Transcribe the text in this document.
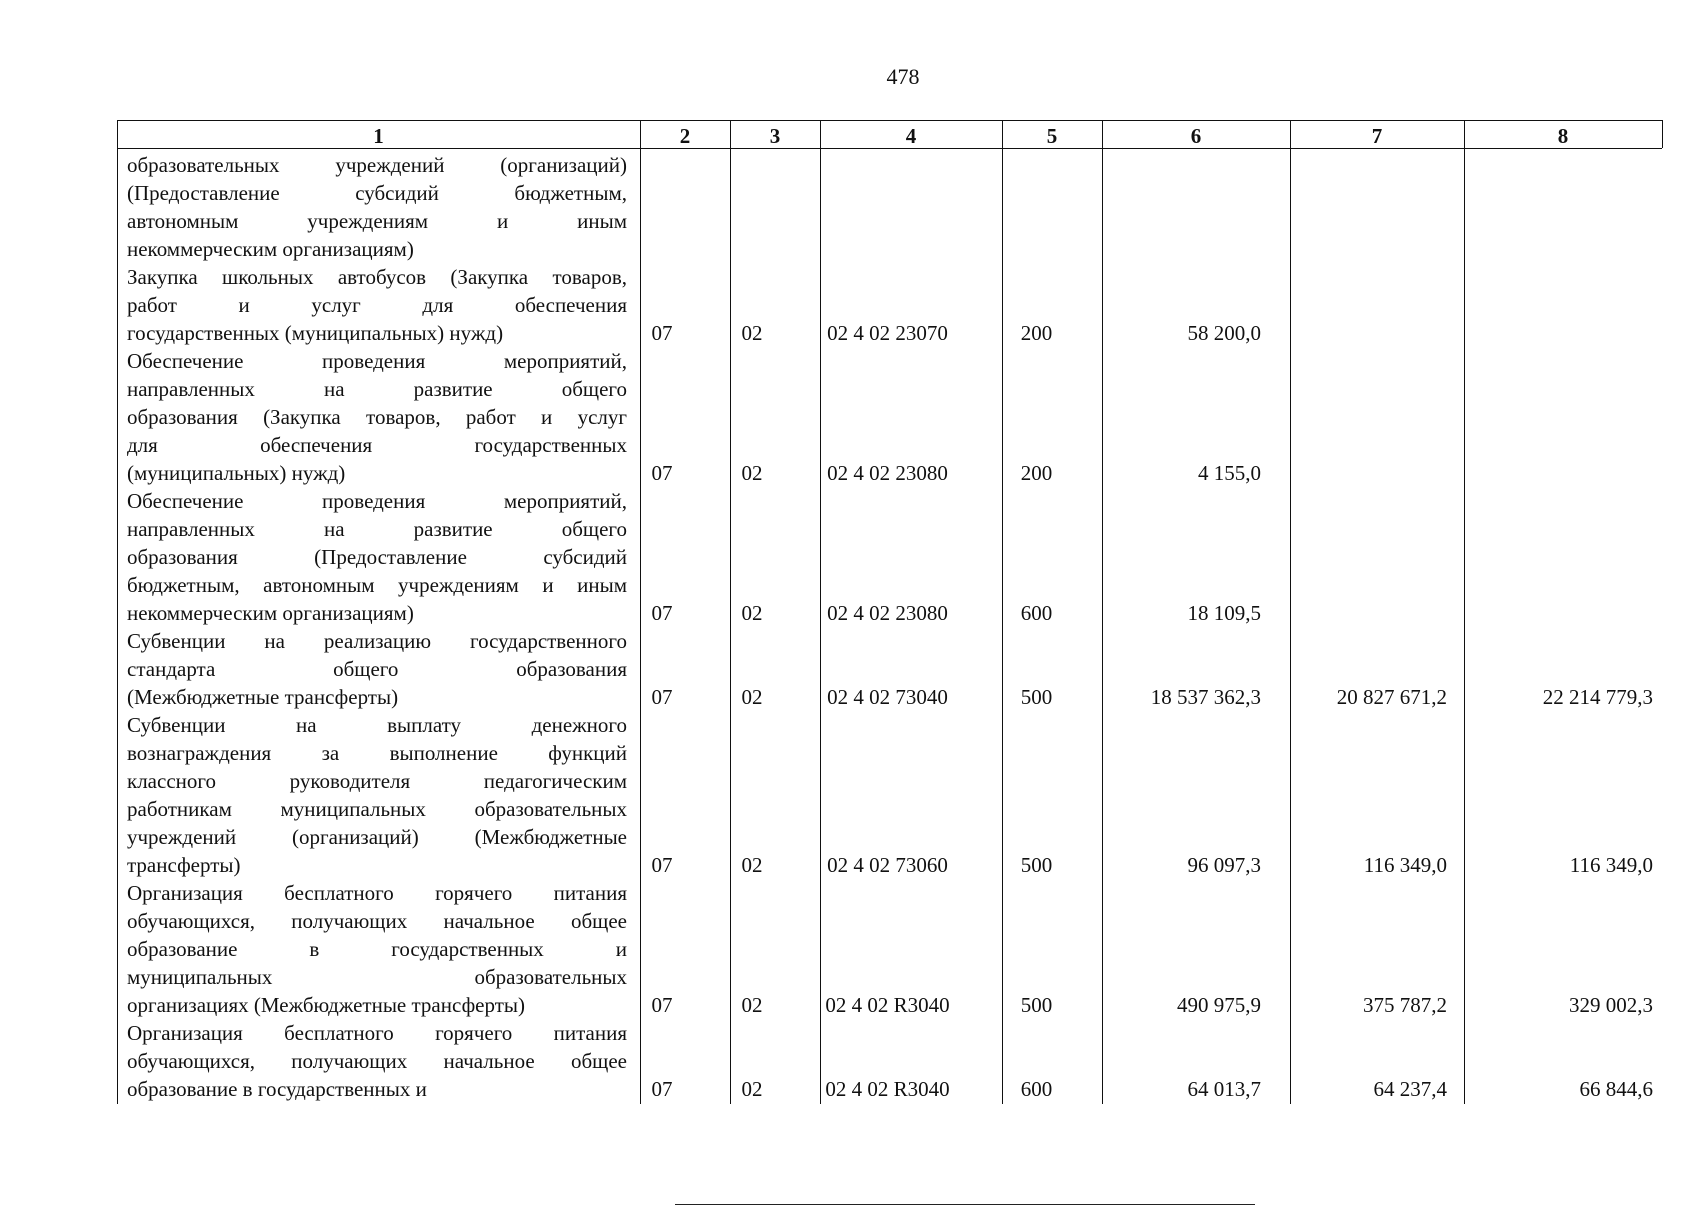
478
1	2	3	4	5	6	7	8
образовательных учреждений (организаций)
(Предоставление субсидий бюджетным,
автономным учреждениям и иным
некоммерческим организациям)
Закупка школьных автобусов (Закупка товаров,
работ и услуг для обеспечения
государственных (муниципальных) нужд)	07	02	02 4 02 23070	200	58 200,0
Обеспечение проведения мероприятий,
направленных на развитие общего
образования (Закупка товаров, работ и услуг
для обеспечения государственных
(муниципальных) нужд)	07	02	02 4 02 23080	200	4 155,0
Обеспечение проведения мероприятий,
направленных на развитие общего
образования (Предоставление субсидий
бюджетным, автономным учреждениям и иным
некоммерческим организациям)	07	02	02 4 02 23080	600	18 109,5
Субвенции на реализацию государственного
стандарта общего образования
(Межбюджетные трансферты)	07	02	02 4 02 73040	500	18 537 362,3	20 827 671,2	22 214 779,3
Субвенции на выплату денежного
вознаграждения за выполнение функций
классного руководителя педагогическим
работникам муниципальных образовательных
учреждений (организаций) (Межбюджетные
трансферты)	07	02	02 4 02 73060	500	96 097,3	116 349,0	116 349,0
Организация бесплатного горячего питания
обучающихся, получающих начальное общее
образование в государственных и
муниципальных образовательных
организациях (Межбюджетные трансферты)	07	02	02 4 02 R3040	500	490 975,9	375 787,2	329 002,3
Организация бесплатного горячего питания
обучающихся, получающих начальное общее
образование в государственных и	07	02	02 4 02 R3040	600	64 013,7	64 237,4	66 844,6
